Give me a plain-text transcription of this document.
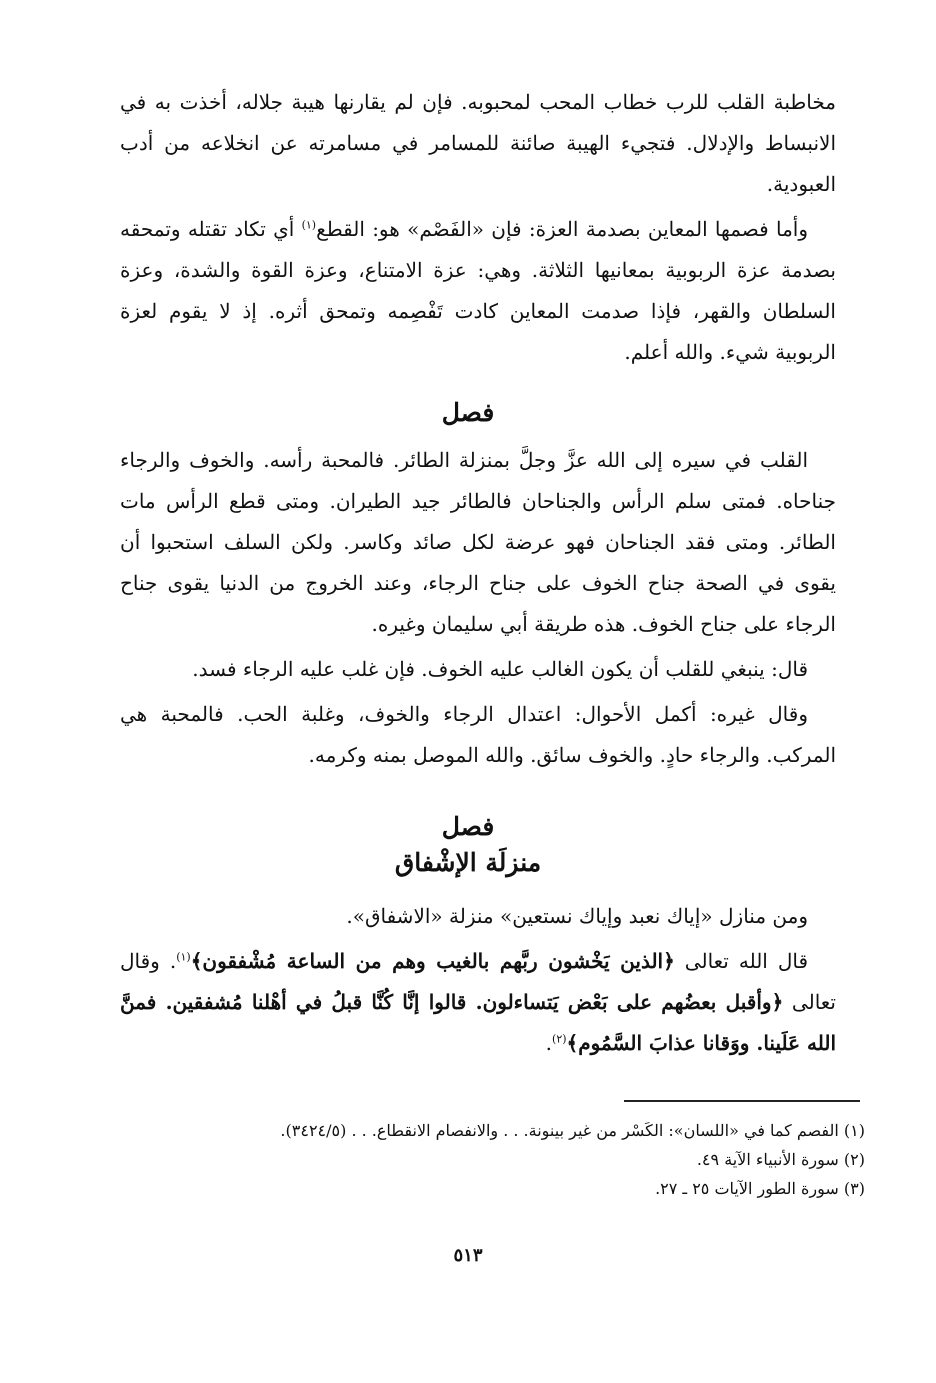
مخاطبة القلب للرب خطاب المحب لمحبوبه. فإن لم يقارنها هيبة جلاله، أخذت به في الانبساط والإدلال. فتجيء الهيبة صائنة للمسامر في مسامرته عن انخلاعه من أدب العبودية.

وأما فصمها المعاين بصدمة العزة: فإن «الفَصْم» هو: القطع$^{(١)}$ أي تكاد تقتله وتمحقه بصدمة عزة الربوبية بمعانيها الثلاثة. وهي: عزة الامتناع، وعزة القوة والشدة، وعزة السلطان والقهر، فإذا صدمت المعاين كادت تَفْصِمه وتمحق أثره. إذ لا يقوم لعزة الربوبية شيء. والله أعلم.

فصل

القلب في سيره إلى الله عزَّ وجلَّ بمنزلة الطائر. فالمحبة رأسه. والخوف والرجاء جناحاه. فمتى سلم الرأس والجناحان فالطائر جيد الطيران. ومتى قطع الرأس مات الطائر. ومتى فقد الجناحان فهو عرضة لكل صائد وكاسر. ولكن السلف استحبوا أن يقوى في الصحة جناح الخوف على جناح الرجاء، وعند الخروج من الدنيا يقوى جناح الرجاء على جناح الخوف. هذه طريقة أبي سليمان وغيره.

قال: ينبغي للقلب أن يكون الغالب عليه الخوف. فإن غلب عليه الرجاء فسد.

وقال غيره: أكمل الأحوال: اعتدال الرجاء والخوف، وغلبة الحب. فالمحبة هي المركب. والرجاء حادٍ. والخوف سائق. والله الموصل بمنه وكرمه.

فصل
منزلَة الإشْفاق

ومن منازل «إياك نعبد وإياك نستعين» منزلة «الاشفاق».

قال الله تعالى ﴿الذين يَخْشون ربَّهم بالغيب وهم من الساعة مُشْفقون﴾$^{(١)}$. وقال تعالى ﴿وأقبل بعضُهم على بَعْض يَتساءلون. قالوا إنَّا كُنَّا قبلُ في أهْلنا مُشفقين. فمنَّ الله عَلَينا. ووَقانا عذابَ السَّمُوم﴾$^{(٢)}$.

(١) الفصم كما في «اللسان»: الكَسْر من غير بينونة. . . والانفصام الانقطاع. . . (٣٤٢٤/٥).

(٢) سورة الأنبياء الآية ٤٩.

(٣) سورة الطور الآيات ٢٥ ـ ٢٧.

٥١٣
